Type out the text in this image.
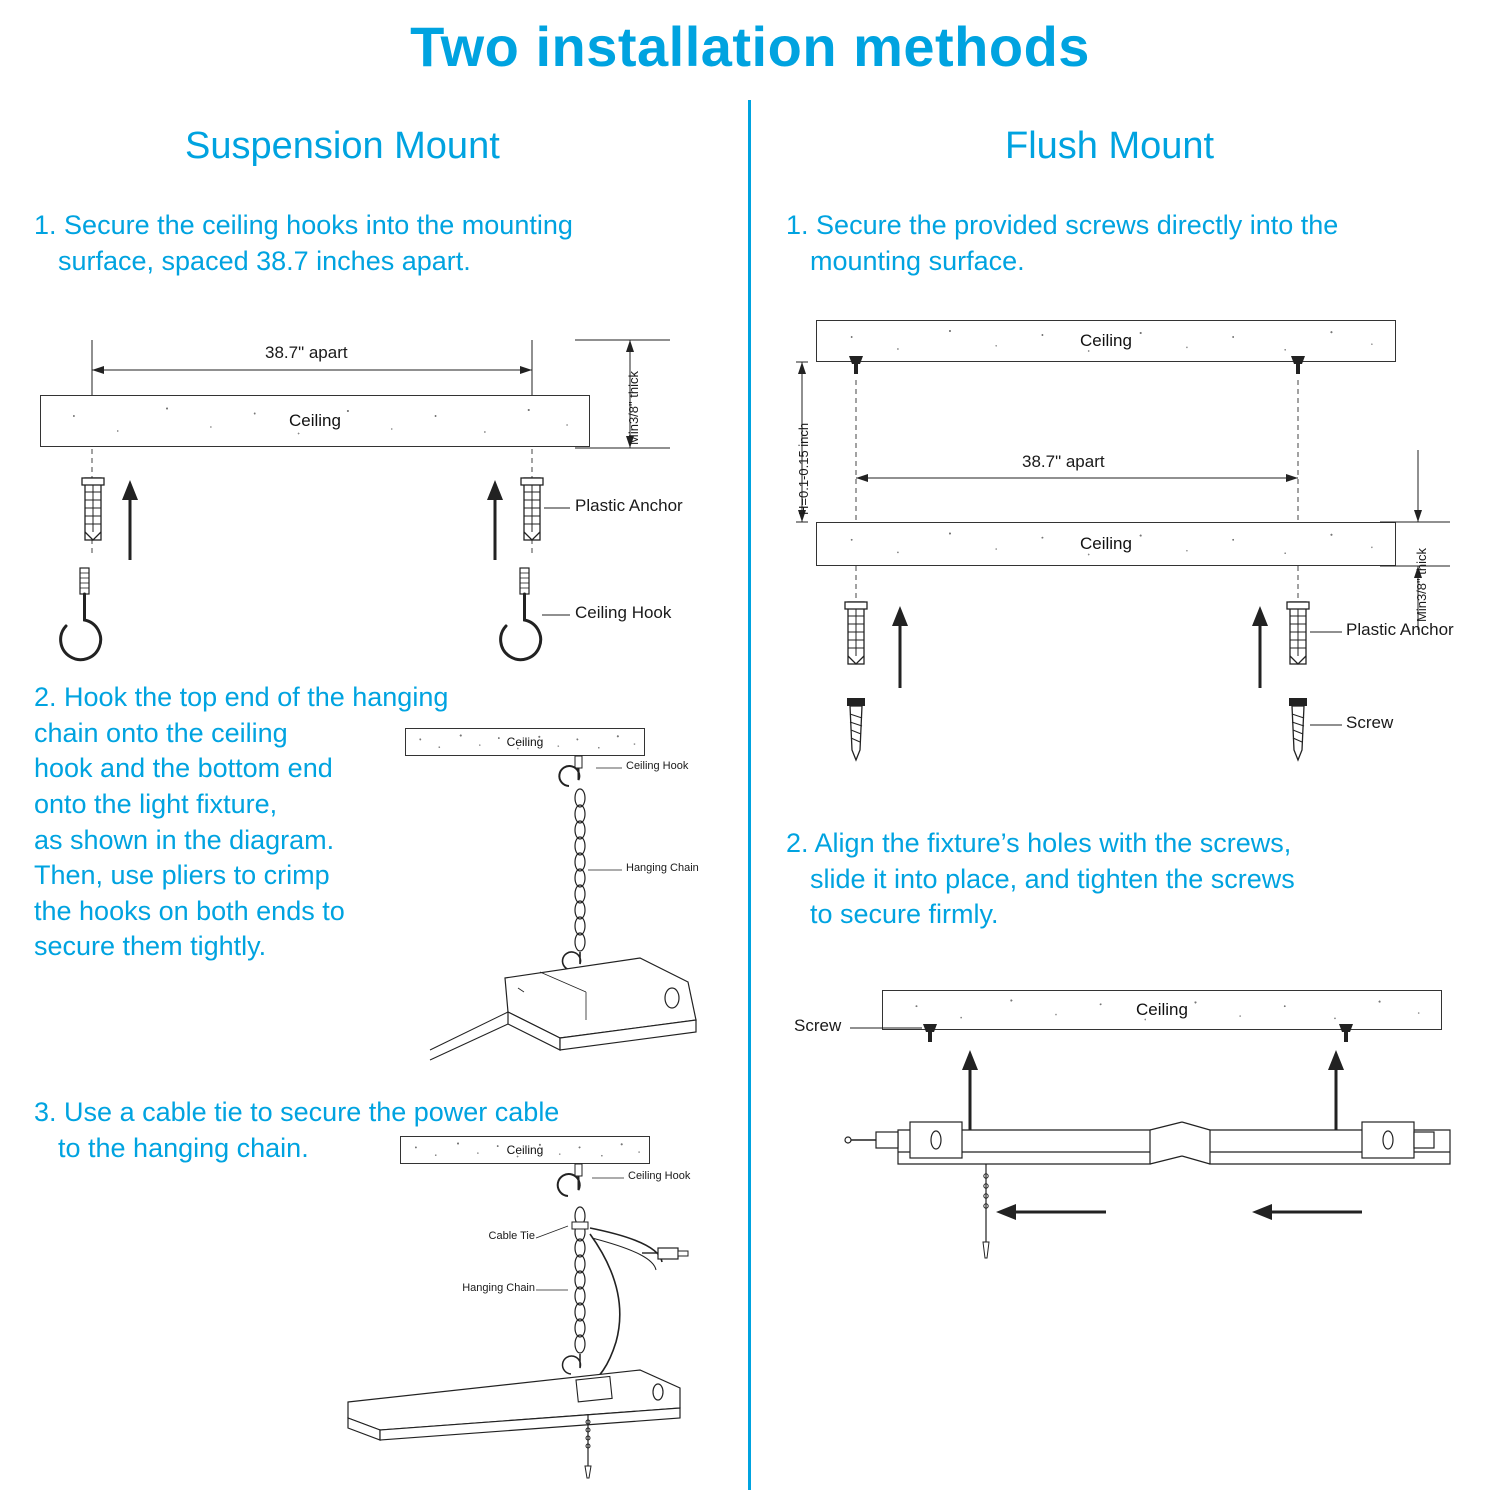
Two installation methods
Suspension Mount
1. Secure the ceiling hooks into the mounting
surface, spaced 38.7 inches apart.
38.7" apart
Ceiling	Min3/8" thick
Plastic Anchor
Ceiling Hook
2. Hook the top end of the hanging
chain onto the ceiling
hook and the bottom end
onto the light fixture,
as shown in the diagram.
Then, use pliers to crimp
the hooks on both ends to
secure them tightly.
Ceiling
Ceiling Hook
Hanging Chain
3. Use a cable tie to secure the power cable
to the hanging chain.	Ceiling
Ceiling Hook
Cable Tie
Hanging Chain
Flush Mount
1. Secure the provided screws directly into the
mounting surface.
Ceiling
Ceiling
H=0.1-0.15 inch	38.7" apart
Min3/8" thick
Plastic Anchor
Screw
2. Align the fixture’s holes with the screws,
slide it into place, and tighten the screws
to secure firmly.
Ceiling
Screw
